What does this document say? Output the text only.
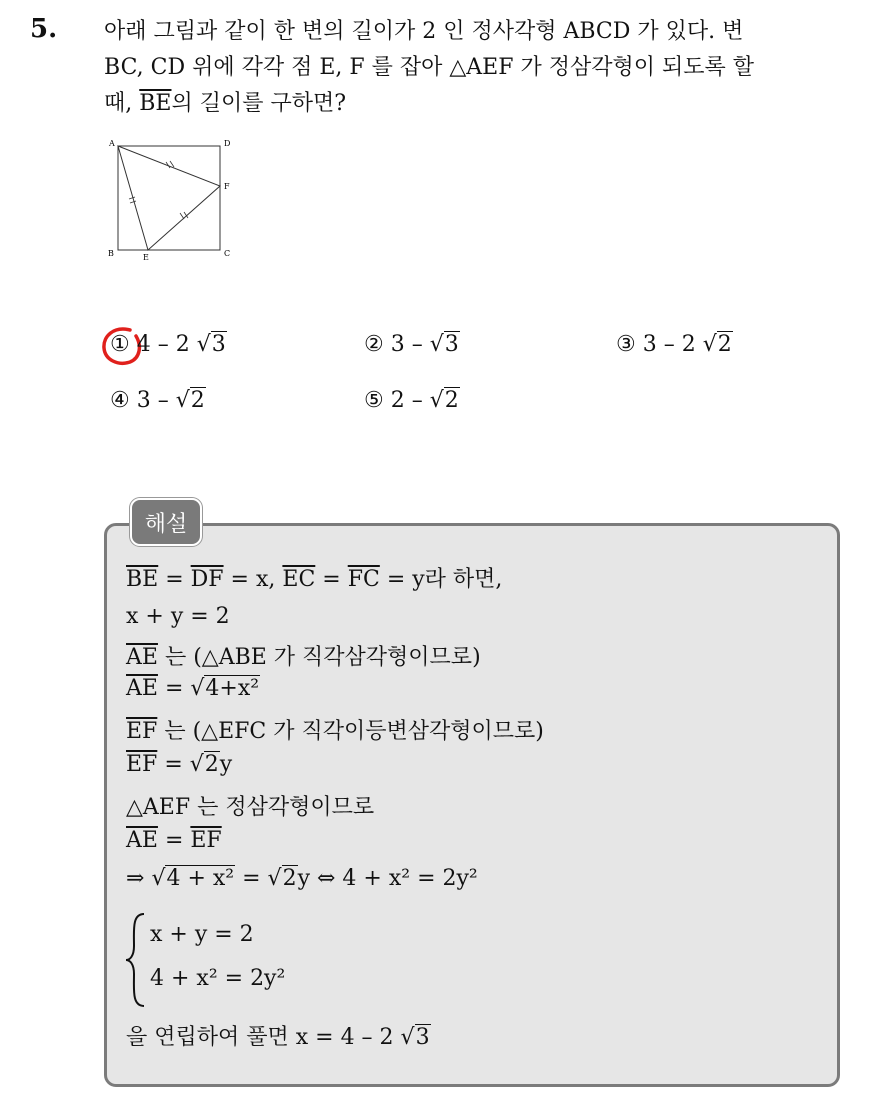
5. 아래 그림과 같이 한 변의 길이가 2 인 정사각형 ABCD 가 있다. 변
BC, CD 위에 각각 점 E, F 를 잡아 △AEF 가 정삼각형이 되도록 할
때, $\overline{BE}$의 길이를 구하면?
A	D
F
B	E	C
① 4 – 2 √3	② 3 – √3	③ 3 – 2 √2
④ 3 – √2	⑤ 2 – √2
해설
$\overline{BE} = \overline{DF} = x$, $\overline{EC} = \overline{FC} = y$라 하면,
x + y = 2
$\overline{AE}$ 는 (△ABE 가 직각삼각형이므로)
$\overline{AE} = √4+x^2$
$\overline{EF}$ 는 (△EFC 가 직각이등변삼각형이므로)
$\overline{EF} = √2y$
△AEF 는 정삼각형이므로
$\overline{AE} = \overline{EF}$
⇒ √4 + x² = √2y ⇔ 4 + x² = 2y²
x + y = 2
4 + x² = 2y²
을 연립하여 풀면 x = 4 – 2 √3
